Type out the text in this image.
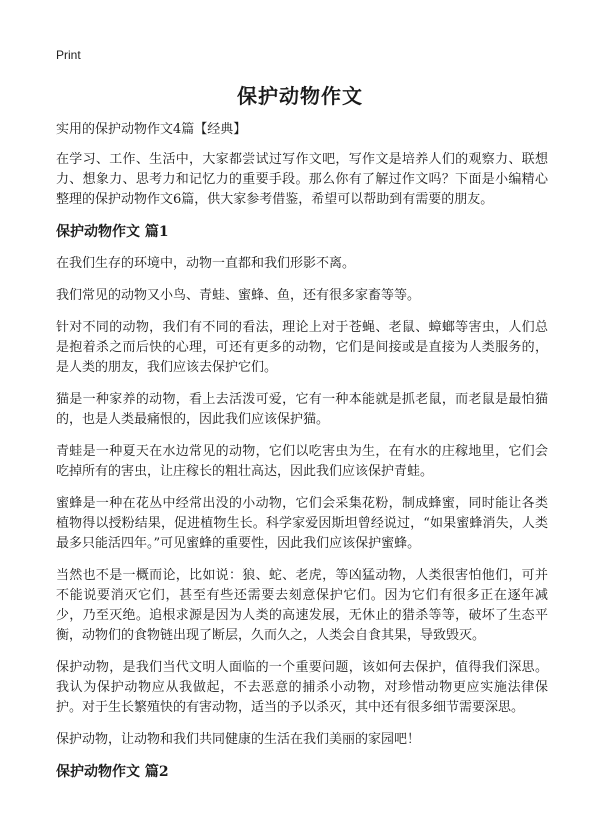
Print
保护动物作文

实用的保护动物作文4篇【经典】

在学习、工作、生活中，大家都尝试过写作文吧，写作文是培养人们的观察力、联想力、想象力、思考力和记忆力的重要手段。那么你有了解过作文吗？下面是小编精心整理的保护动物作文6篇，供大家参考借鉴，希望可以帮助到有需要的朋友。

保护动物作文 篇1

在我们生存的环境中，动物一直都和我们形影不离。

我们常见的动物又小鸟、青蛙、蜜蜂、鱼，还有很多家畜等等。

针对不同的动物，我们有不同的看法，理论上对于苍蝇、老鼠、蟑螂等害虫，人们总是抱着杀之而后快的心理，可还有更多的动物，它们是间接或是直接为人类服务的，是人类的朋友，我们应该去保护它们。

猫是一种家养的动物，看上去活泼可爱，它有一种本能就是抓老鼠，而老鼠是最怕猫的，也是人类最痛恨的，因此我们应该保护猫。

青蛙是一种夏天在水边常见的动物，它们以吃害虫为生，在有水的庄稼地里，它们会吃掉所有的害虫，让庄稼长的粗壮高达，因此我们应该保护青蛙。

蜜蜂是一种在花丛中经常出没的小动物，它们会采集花粉，制成蜂蜜，同时能让各类植物得以授粉结果，促进植物生长。科学家爱因斯坦曾经说过，“如果蜜蜂消失，人类最多只能活四年。”可见蜜蜂的重要性，因此我们应该保护蜜蜂。

当然也不是一概而论，比如说：狼、蛇、老虎，等凶猛动物，人类很害怕他们，可并不能说要消灭它们，甚至有些还需要去刻意保护它们。因为它们有很多正在逐年减少，乃至灭绝。追根求源是因为人类的高速发展，无休止的猎杀等等，破坏了生态平衡，动物们的食物链出现了断层，久而久之，人类会自食其果，导致毁灭。

保护动物，是我们当代文明人面临的一个重要问题，该如何去保护，值得我们深思。我认为保护动物应从我做起，不去恶意的捕杀小动物，对珍惜动物更应实施法律保护。对于生长繁殖快的有害动物，适当的予以杀灭，其中还有很多细节需要深思。

保护动物，让动物和我们共同健康的生活在我们美丽的家园吧！

保护动物作文 篇2
